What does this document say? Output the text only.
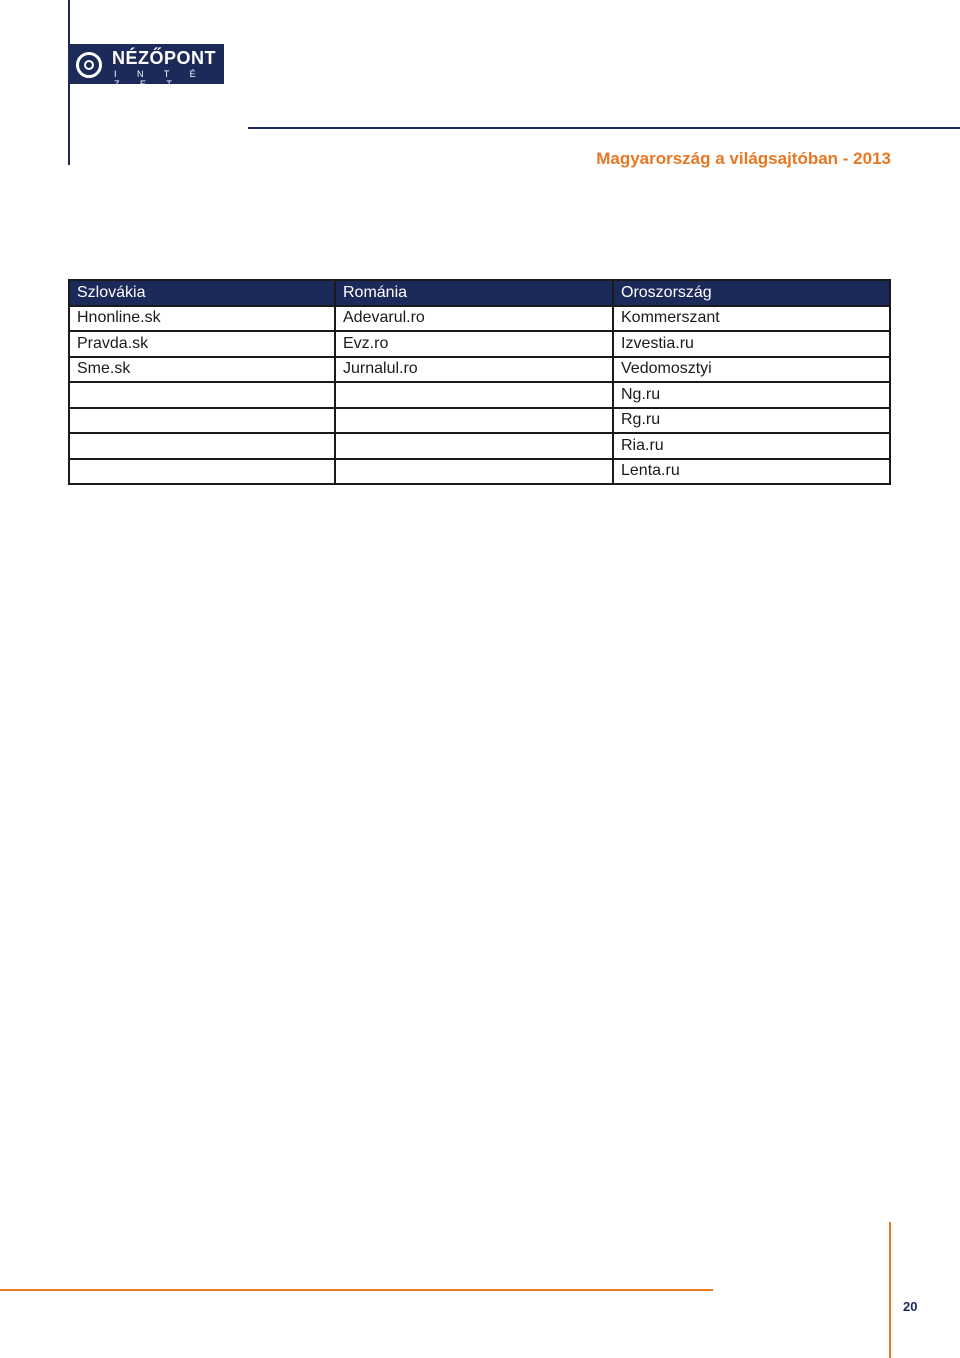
NÉZŐPONT
I N T É Z E T
Magyarország a világsajtóban - 2013
Szlovákia	Románia	Oroszország
Hnonline.sk	Adevarul.ro	Kommerszant
Pravda.sk	Evz.ro	Izvestia.ru
Sme.sk	Jurnalul.ro	Vedomosztyi
		Ng.ru
		Rg.ru
		Ria.ru
		Lenta.ru
20
